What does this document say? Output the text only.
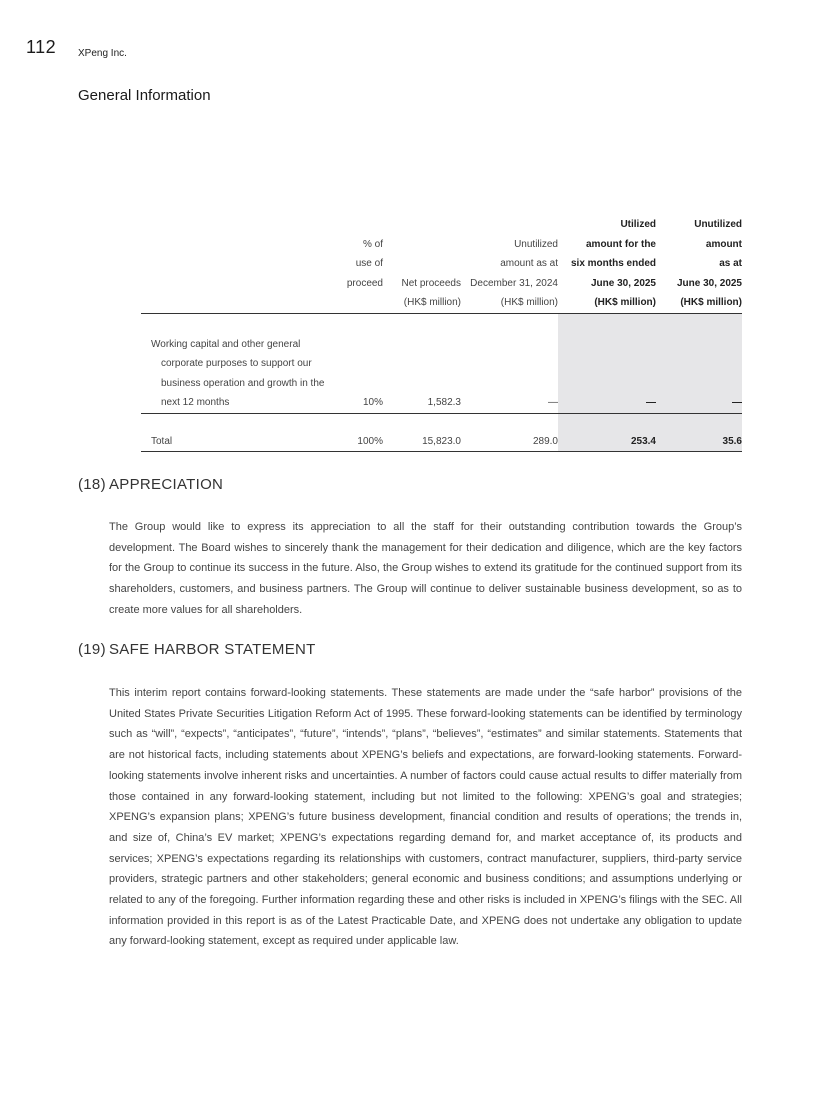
112 XPeng Inc.
General Information
				Utilized	Unutilized
	% of		Unutilized	amount for the	amount
	use of		amount as at	six months ended	as at
	proceed	Net proceeds	December 31, 2024	June 30, 2025	June 30, 2025
		(HK$ million)	(HK$ million)	(HK$ million)	(HK$ million)
Working capital and other general
corporate purposes to support our
business operation and growth in the
next 12 months	10%	1,582.3	—	—	—

Total	100%	15,823.0	289.0	253.4	35.6
(18) APPRECIATION

The Group would like to express its appreciation to all the staff for their outstanding contribution towards the Group’s development. The Board wishes to sincerely thank the management for their dedication and diligence, which are the key factors for the Group to continue its success in the future. Also, the Group wishes to extend its gratitude for the continued support from its shareholders, customers, and business partners. The Group will continue to deliver sustainable business development, so as to create more values for all shareholders.

(19) SAFE HARBOR STATEMENT

This interim report contains forward-looking statements. These statements are made under the “safe harbor” provisions of the United States Private Securities Litigation Reform Act of 1995. These forward-looking statements can be identified by terminology such as “will”, “expects”, “anticipates”, “future”, “intends”, “plans”, “believes”, “estimates” and similar statements. Statements that are not historical facts, including statements about XPENG’s beliefs and expectations, are forward-looking statements. Forward-looking statements involve inherent risks and uncertainties. A number of factors could cause actual results to differ materially from those contained in any forward-looking statement, including but not limited to the following: XPENG’s goal and strategies; XPENG’s expansion plans; XPENG’s future business development, financial condition and results of operations; the trends in, and size of, China’s EV market; XPENG’s expectations regarding demand for, and market acceptance of, its products and services; XPENG’s expectations regarding its relationships with customers, contract manufacturer, suppliers, third-party service providers, strategic partners and other stakeholders; general economic and business conditions; and assumptions underlying or related to any of the foregoing. Further information regarding these and other risks is included in XPENG’s filings with the SEC. All information provided in this report is as of the Latest Practicable Date, and XPENG does not undertake any obligation to update any forward-looking statement, except as required under applicable law.
